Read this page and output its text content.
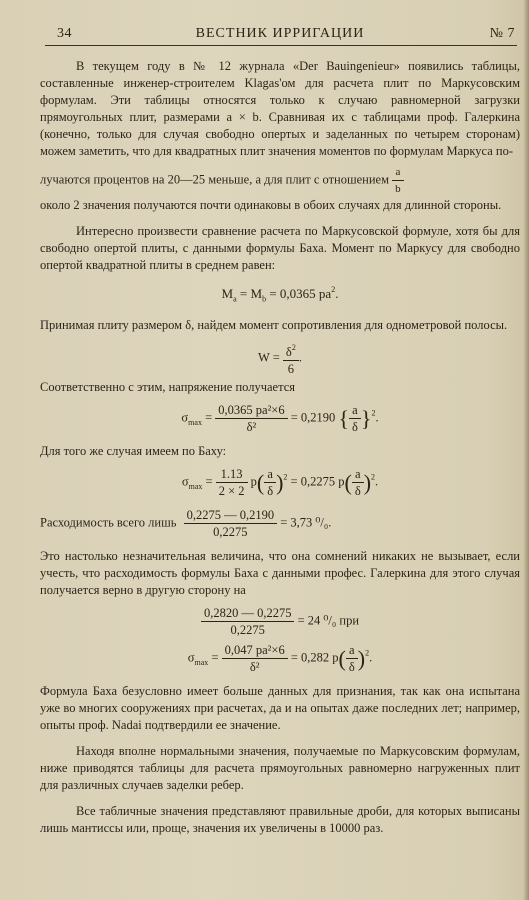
34	ВЕСТНИК ИРРИГАЦИИ	№ 7

В текущем году в № 12 журнала «Der Bauingenieur» появились таблицы, составленные инженер-строителем Klagas'ом для расчета плит по Маркусовским формулам. Эти таблицы относятся только к случаю равномерной загрузки прямоугольных плит, размерами a × b. Сравнивая их с таблицами проф. Галеркина (конечно, только для случая свободно опертых и заделанных по четырем сторонам) можем заметить, что для квадратных плит значения моментов по формулам Маркуса по-

лучаются процентов на 20—25 меньше, а для плит с отношением $\frac{a}{b}$

около 2 значения получаются почти одинаковы в обоих случаях для длинной стороны.

Интересно произвести сравнение расчета по Маркусовской формуле, хотя бы для свободно опертой плиты, с данными формулы Баха. Момент по Маркусу для свободно опертой квадратной плиты в среднем равен:

$M_a = M_b = 0,0365$ $pa^2$.

Принимая плиту размером δ, найдем момент сопротивления для однометровой полосы.

$W = \frac{\delta^2}{6}$ .

Соответственно с этим, напряжение получается

$\sigma_{max} = \frac{\text{0,0365 pa²×6}}{\text{δ²}} = 0,2190$ { $\frac{a}{\delta} \}^2$.

Для того же случая имеем по Баху:

$\sigma_{max} = \frac{1.13}{2 \times 2} p( \frac{a}{\delta} )^2 = 0,2275$ $p( \frac{a}{\delta} )^2$.

Расходимость всего лишь $\frac{0,2275 — 0,2190}{0,2275} = 3,73$ ⁰/₀.

Это настолько незначительная величина, что она сомнений никаких не вызывает, если учесть, что расходимость формулы Баха с данными профес. Галеркина для этого случая получается верно в другую сторону на

$\frac{0,2820 — 0,2275}{0,2275} = 24$ ⁰/₀ при

$\sigma_{max} = \frac{\text{0,047 pa²×6}}{\text{δ²}} = 0,282$ $p( \frac{a}{\delta} )^2$.

Формула Баха безусловно имеет больше данных для признания, так как она испытана уже во многих сооружениях при расчетах, да и на опытах даже последних лет; например, опыты проф. Nadai подтвердили ее значение.

Находя вполне нормальными значения, получаемые по Маркусовским формулам, ниже приводятся таблицы для расчета прямоугольных равномерно нагруженных плит для различных случаев заделки ребер.

Все табличные значения представляют правильные дроби, для которых выписаны лишь мантиссы или, проще, значения их увеличены в 10000 раз.
